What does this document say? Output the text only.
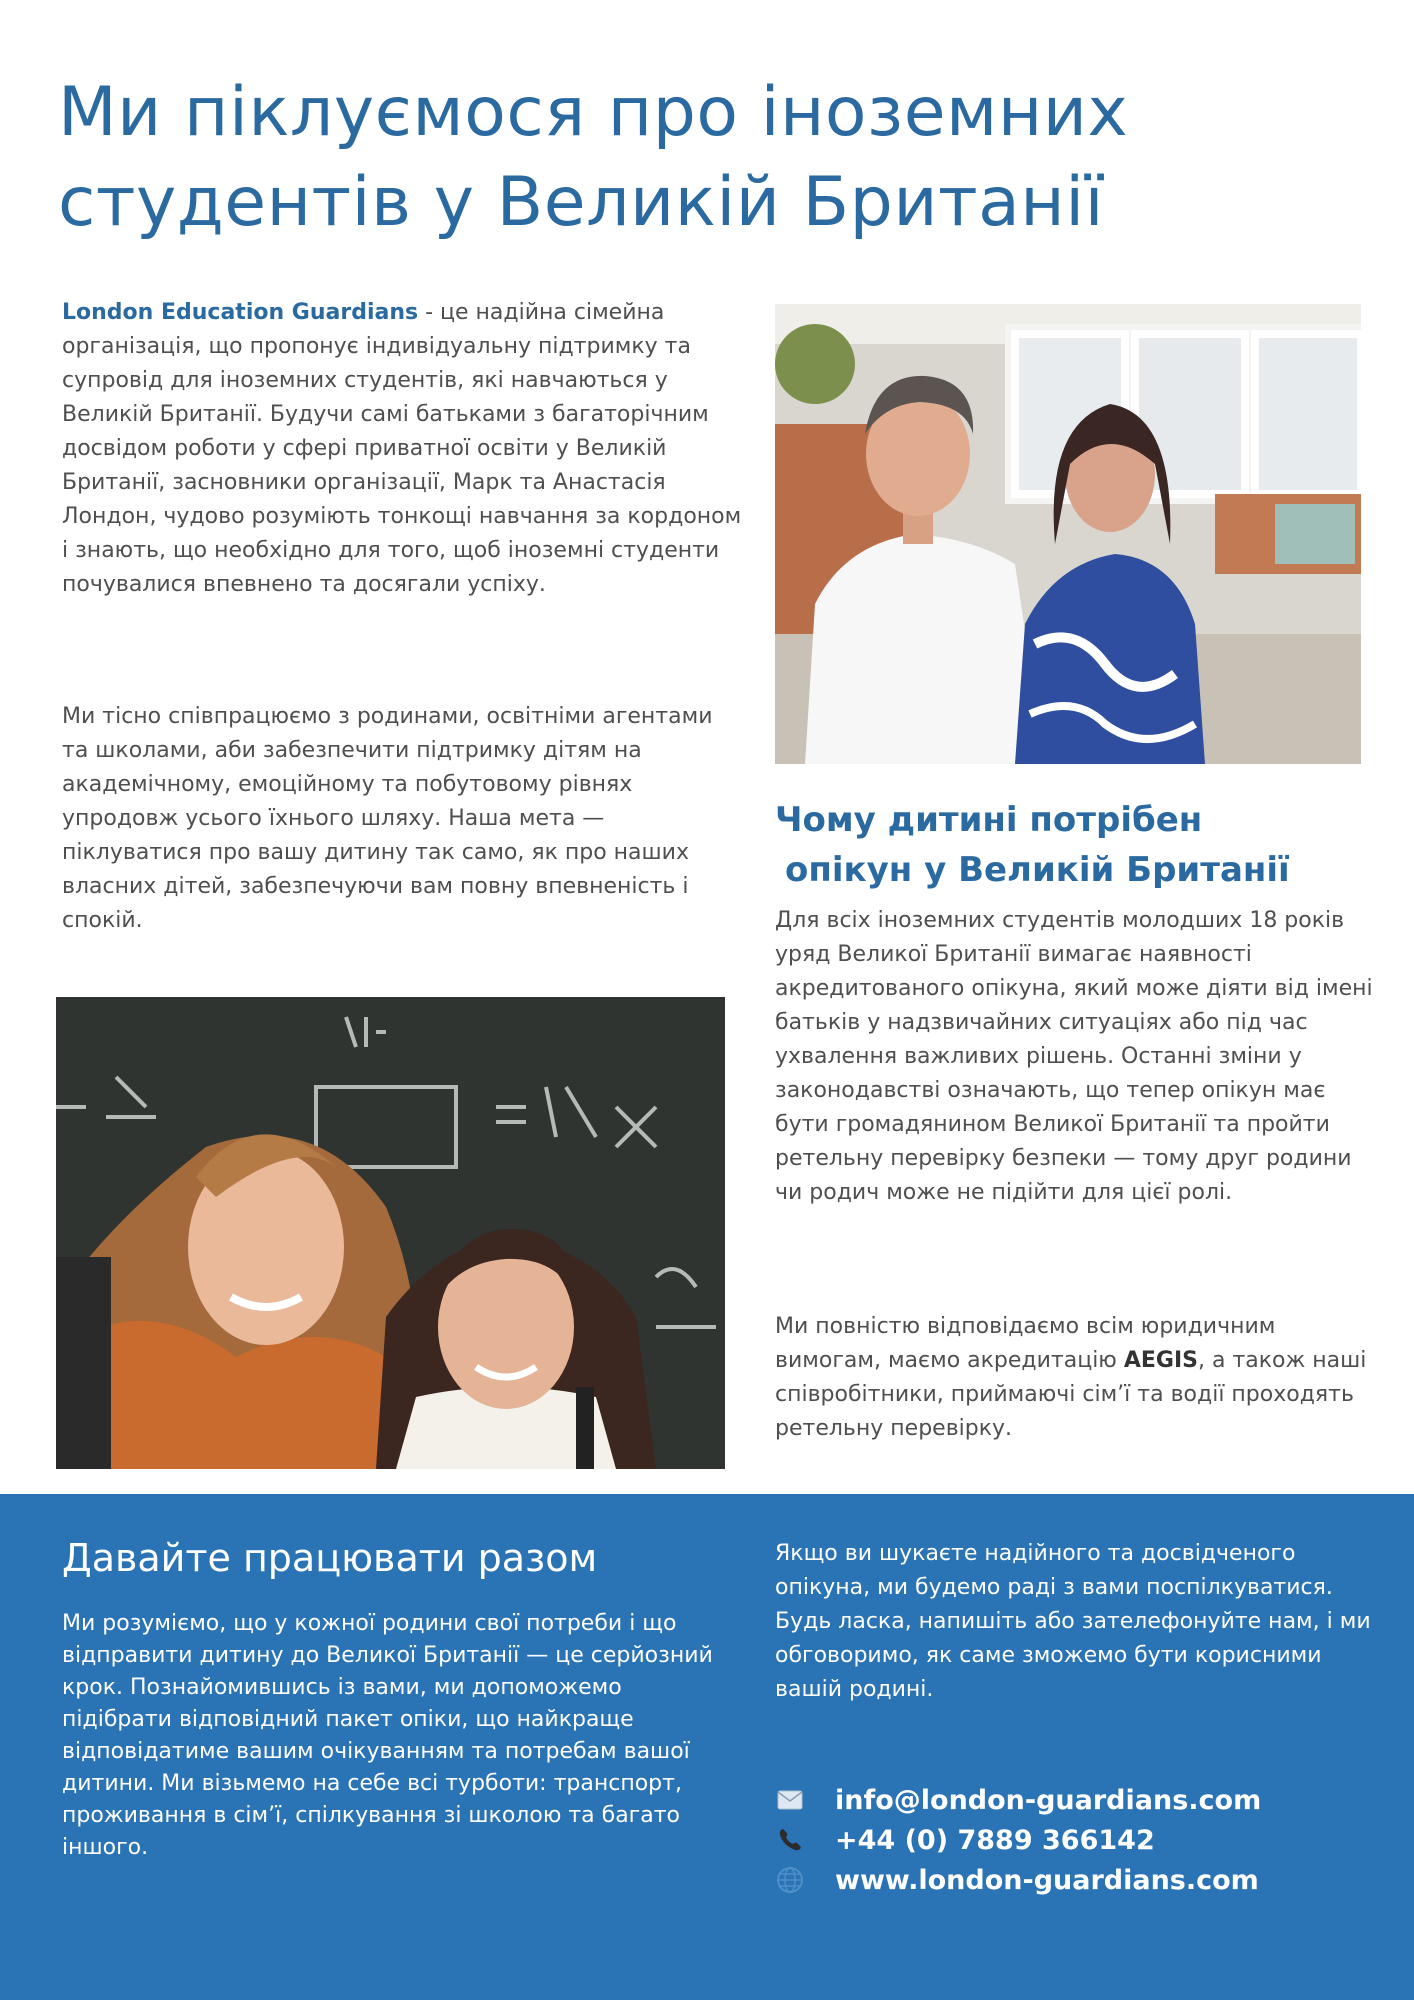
Ми піклуємося про іноземних
студентів у Великій Британії

London Education Guardians - це надійна сімейна організація, що пропонує індивідуальну підтримку та супровід для іноземних студентів, які навчаються у Великій Британії. Будучи самі батьками з багаторічним досвідом роботи у сфері приватної освіти у Великій Британії, засновники організації, Марк та Анастасія Лондон, чудово розуміють тонкощі навчання за кордоном і знають, що необхідно для того, щоб іноземні студенти почувалися впевнено та досягали успіху.

Ми тісно співпрацюємо з родинами, освітніми агентами та школами, аби забезпечити підтримку дітям на академічному, емоційному та побутовому рівнях упродовж усього їхнього шляху. Наша мета — піклуватися про вашу дитину так само, як про наших власних дітей, забезпечуючи вам повну впевненість і спокій.

Чому дитині потрібен
опікун у Великій Британії

Для всіх іноземних студентів молодших 18 років уряд Великої Британії вимагає наявності акредитованого опікуна, який може діяти від імені батьків у надзвичайних ситуаціях або під час ухвалення важливих рішень. Останні зміни у законодавстві означають, що тепер опікун має бути громадянином Великої Британії та пройти ретельну перевірку безпеки — тому друг родини чи родич може не підійти для цієї ролі.

Ми повністю відповідаємо всім юридичним вимогам, маємо акредитацію AEGIS, а також наші співробітники, приймаючі сім’ї та водії проходять ретельну перевірку.

Давайте працювати разом

Ми розуміємо, що у кожної родини свої потреби і що відправити дитину до Великої Британії — це серйозний крок. Познайомившись із вами, ми допоможемо підібрати відповідний пакет опіки, що найкраще відповідатиме вашим очікуванням та потребам вашої дитини. Ми візьмемо на себе всі турботи: транспорт, проживання в сім’ї, спілкування зі школою та багато іншого.

Якщо ви шукаєте надійного та досвідченого опікуна, ми будемо раді з вами поспілкуватися. Будь ласка, напишіть або зателефонуйте нам, і ми обговоримо, як саме зможемо бути корисними вашій родині.

info@london-guardians.com
+44 (0) 7889 366142
www.london-guardians.com
